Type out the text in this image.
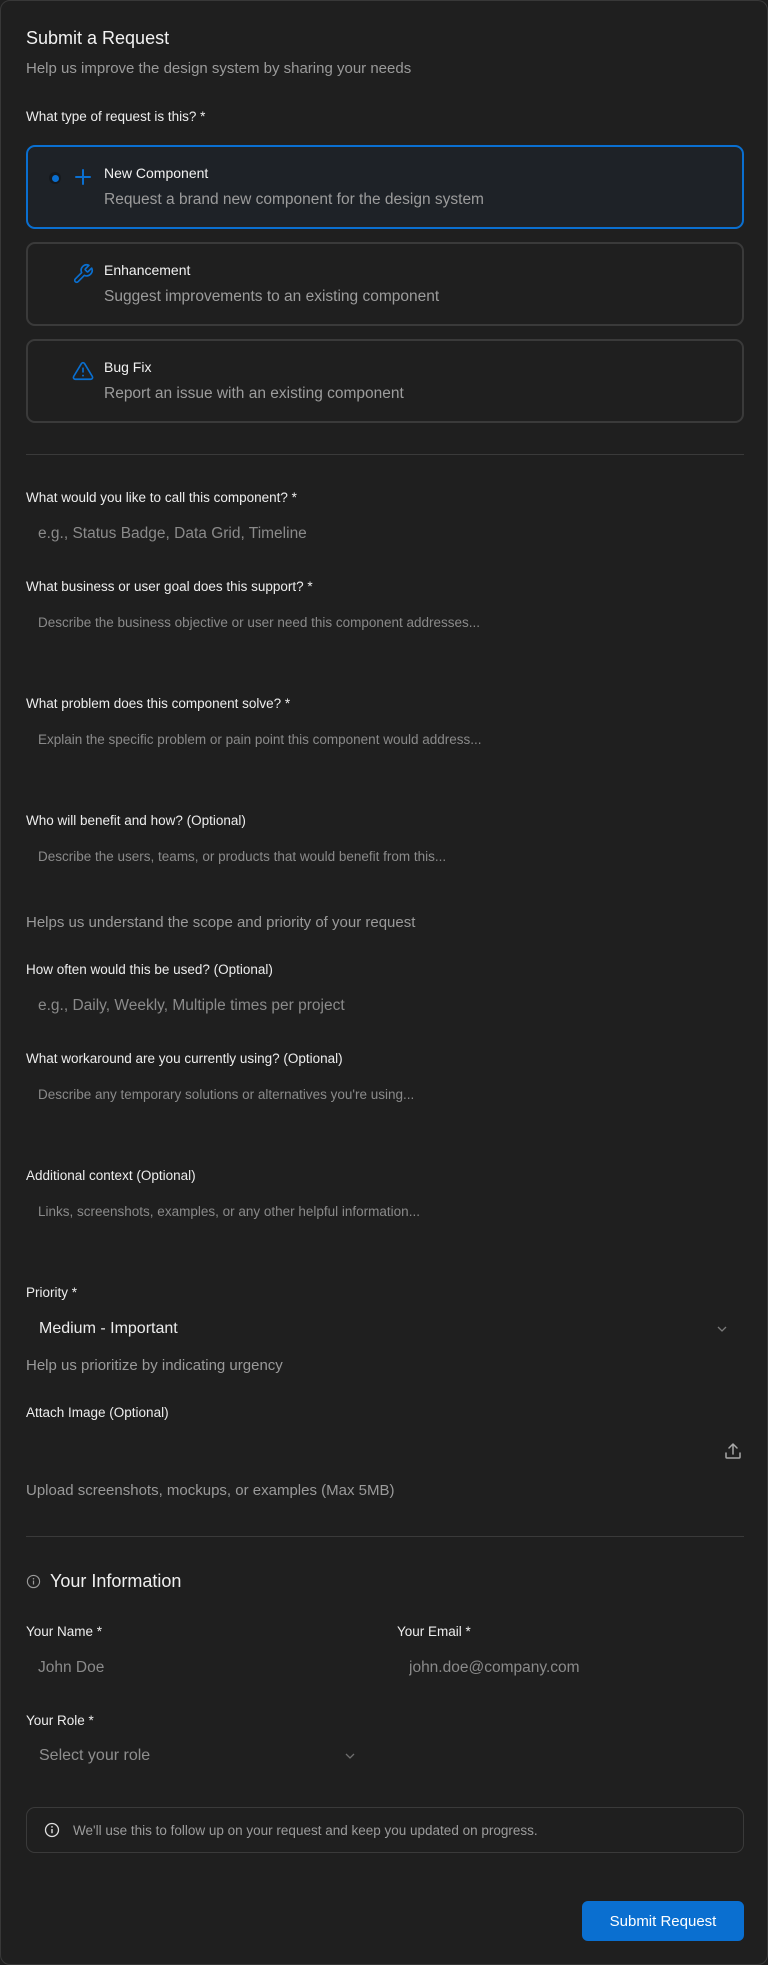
Submit a Request
Help us improve the design system by sharing your needs
What type of request is this? *
New Component
Request a brand new component for the design system
Enhancement
Suggest improvements to an existing component
Bug Fix
Report an issue with an existing component
What would you like to call this component? *
e.g., Status Badge, Data Grid, Timeline
What business or user goal does this support? *
Describe the business objective or user need this component addresses...
What problem does this component solve? *
Explain the specific problem or pain point this component would address...
Who will benefit and how? (Optional)
Describe the users, teams, or products that would benefit from this...
Helps us understand the scope and priority of your request
How often would this be used? (Optional)
e.g., Daily, Weekly, Multiple times per project
What workaround are you currently using? (Optional)
Describe any temporary solutions or alternatives you're using...
Additional context (Optional)
Links, screenshots, examples, or any other helpful information...
Priority *
Medium - Important
Help us prioritize by indicating urgency
Attach Image (Optional)
Upload screenshots, mockups, or examples (Max 5MB)
Your Information
Your Name *
John Doe	Your Email *
john.doe@company.com
Your Role *
Select your role
We'll use this to follow up on your request and keep you updated on progress.
Submit Request
